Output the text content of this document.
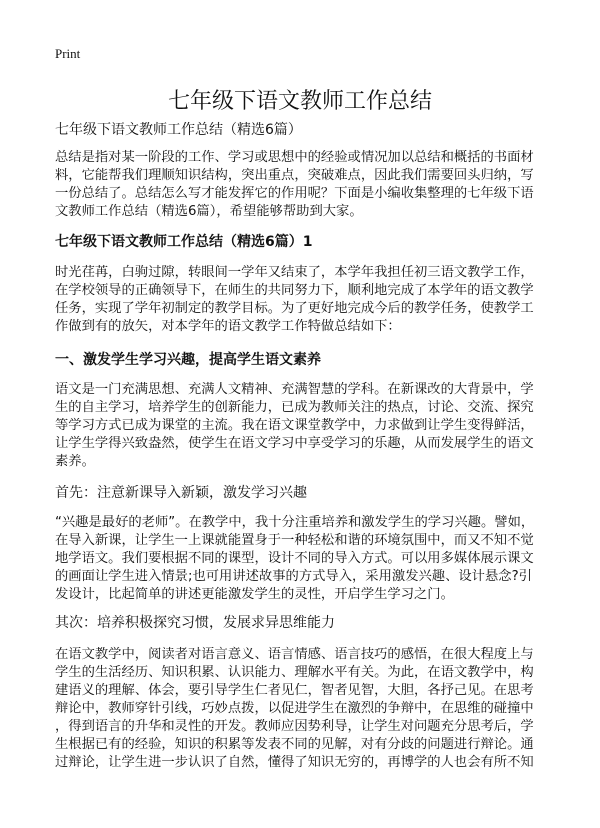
Print
七年级下语文教师工作总结
七年级下语文教师工作总结（精选6篇）
总结是指对某一阶段的工作、学习或思想中的经验或情况加以总结和概括的书面材
料，它能帮我们理顺知识结构，突出重点，突破难点，因此我们需要回头归纳，写
一份总结了。总结怎么写才能发挥它的作用呢？下面是小编收集整理的七年级下语
文教师工作总结（精选6篇），希望能够帮助到大家。
七年级下语文教师工作总结（精选6篇）1
时光荏苒，白驹过隙，转眼间一学年又结束了，本学年我担任初三语文教学工作，
在学校领导的正确领导下，在师生的共同努力下，顺利地完成了本学年的语文教学
任务，实现了学年初制定的教学目标。为了更好地完成今后的教学任务，使教学工
作做到有的放矢，对本学年的语文教学工作特做总结如下：
一、激发学生学习兴趣，提高学生语文素养
语文是一门充满思想、充满人文精神、充满智慧的学科。在新课改的大背景中，学
生的自主学习，培养学生的创新能力，已成为教师关注的热点，讨论、交流、探究
等学习方式已成为课堂的主流。我在语文课堂教学中，力求做到让学生变得鲜活，
让学生学得兴致盎然，使学生在语文学习中享受学习的乐趣，从而发展学生的语文
素养。
首先：注意新课导入新颖，激发学习兴趣
“兴趣是最好的老师”。在教学中，我十分注重培养和激发学生的学习兴趣。譬如，
在导入新课，让学生一上课就能置身于一种轻松和谐的环境氛围中，而又不知不觉
地学语文。我们要根据不同的课型，设计不同的导入方式。可以用多媒体展示课文
的画面让学生进入情景;也可用讲述故事的方式导入，采用激发兴趣、设计悬念?引
发设计，比起简单的讲述更能激发学生的灵性，开启学生学习之门。
其次：培养积极探究习惯，发展求异思维能力
在语文教学中，阅读者对语言意义、语言情感、语言技巧的感悟，在很大程度上与
学生的生活经历、知识积累、认识能力、理解水平有关。为此，在语文教学中，构
建语义的理解、体会，要引导学生仁者见仁，智者见智，大胆，各抒己见。在思考
辩论中，教师穿针引线，巧妙点拨，以促进学生在激烈的争辩中，在思维的碰撞中
，得到语言的升华和灵性的开发。教师应因势利导，让学生对问题充分思考后，学
生根据已有的经验，知识的积累等发表不同的见解，对有分歧的问题进行辩论。通
过辩论，让学生进一步认识了自然，懂得了知识无穷的，再博学的人也会有所不知
